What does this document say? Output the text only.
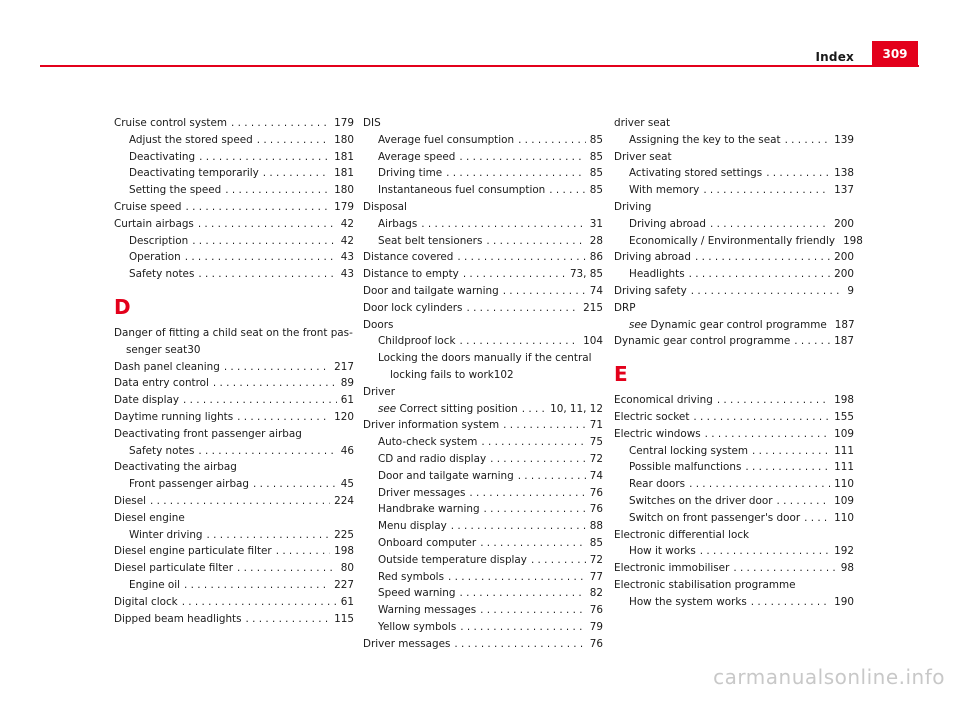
Index	309
Cruise control system . . .	179
Adjust the stored speed . . .	180
Deactivating . . .	181
Deactivating temporarily . . .	181
Setting the speed . . .	180
Cruise speed . . .	179
Curtain airbags . . .	42
Description . . .	42
Operation . . .	43
Safety notes . . .	43
D
Danger of fitting a child seat on the front pas-
senger seat 30
Dash panel cleaning . . .	217
Data entry control . . .	89
Date display . . .	61
Daytime running lights . . .	120
Deactivating front passenger airbag
Safety notes . . .	46
Deactivating the airbag
Front passenger airbag . . .	45
Diesel . . .	224
Diesel engine
Winter driving . . .	225
Diesel engine particulate filter . . .	198
Diesel particulate filter . . .	80
Engine oil . . .	227
Digital clock . . .	61
Dipped beam headlights . . .	115
DIS
Average fuel consumption . . .	85
Average speed . . .	85
Driving time . . .	85
Instantaneous fuel consumption . . .	85
Disposal
Airbags . . .	31
Seat belt tensioners . . .	28
Distance covered . . .	86
Distance to empty . . .	73, 85
Door and tailgate warning . . .	74
Door lock cylinders . . .	215
Doors
Childproof lock . . .	104
Locking the doors manually if the central
locking fails to work 102
Driver
see Correct sitting position . . .	10, 11, 12
Driver information system . . .	71
Auto-check system . . .	75
CD and radio display . . .	72
Door and tailgate warning . . .	74
Driver messages . . .	76
Handbrake warning . . .	76
Menu display . . .	88
Onboard computer . . .	85
Outside temperature display . . .	72
Red symbols . . .	77
Speed warning . . .	82
Warning messages . . .	76
Yellow symbols . . .	79
Driver messages . . .	76
driver seat
Assigning the key to the seat . . .	139
Driver seat
Activating stored settings . . .	138
With memory . . .	137
Driving
Driving abroad . . .	200
Economically / Environmentally friendly 198
Driving abroad . . .	200
Headlights . . .	200
Driving safety . . .	9
DRP
see Dynamic gear control programme 187
Dynamic gear control programme . . .	187
E
Economical driving . . .	198
Electric socket . . .	155
Electric windows . . .	109
Central locking system . . .	111
Possible malfunctions . . .	111
Rear doors . . .	110
Switches on the driver door . . .	109
Switch on front passenger's door . . .	110
Electronic differential lock
How it works . . .	192
Electronic immobiliser . . .	98
Electronic stabilisation programme
How the system works . . .	190
carmanualsonline.info
